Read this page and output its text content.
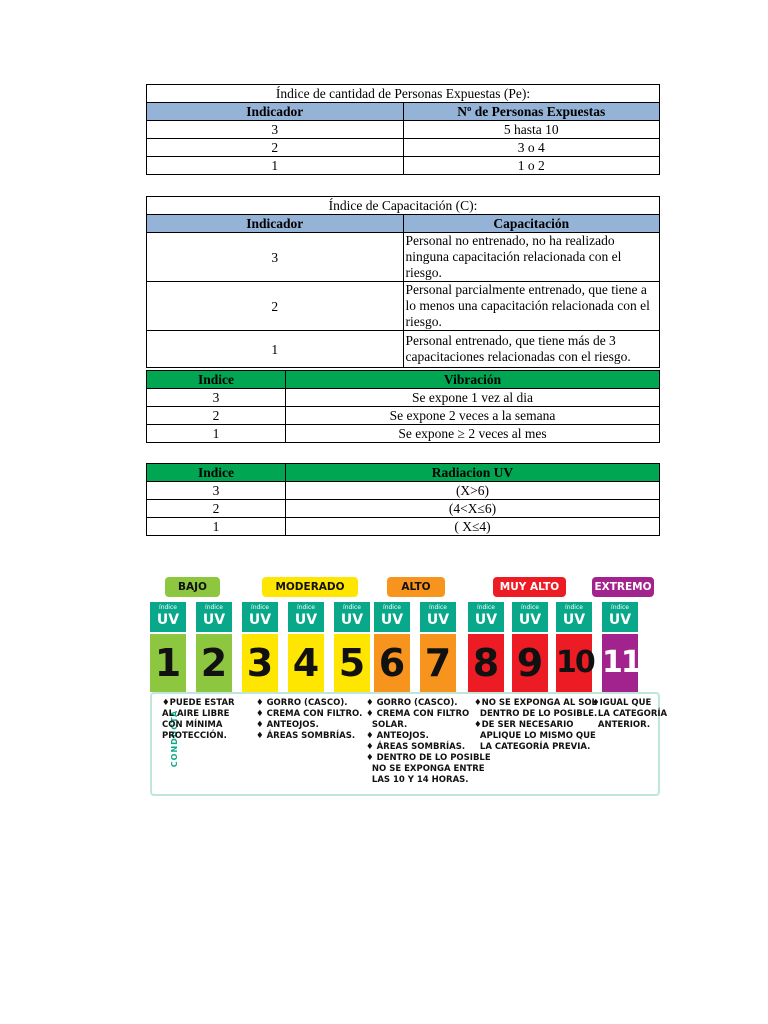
Índice de cantidad de Personas Expuestas (Pe):	
Indicador	Nº de Personas Expuestas
3	5 hasta 10
2	3 o 4
1	1 o 2
Índice de Capacitación (C):	
Indicador	Capacitación
3	Personal no entrenado, no ha realizado ninguna capacitación relacionada con el riesgo.
2	Personal parcialmente entrenado, que tiene a lo menos una capacitación relacionada con el riesgo.
1	Personal entrenado, que tiene más de 3 capacitaciones relacionadas con el riesgo.
Indice	Vibración
3	Se expone 1 vez al dia
2	Se expone 2 veces a la semana
1	Se expone ≥ 2 veces al mes
Indice	Radiacion UV
3	(X>6)
2	(4<X≤6)
1	( X≤4)
BAJO	MODERADO	ALTO	MUY ALTO	EXTREMO
índice
UV
1
índice
UV
2
índice
UV
3
índice
UV
4
índice
UV
5
índice
UV
6
índice
UV
7
índice
UV
8
índice
UV
9
índice
UV
10
índice
UV
11+
CONDUCTA
♦PUEDE ESTAR
AL AIRE LIBRE
CON MÍNIMA
PROTECCIÓN.
♦ GORRO (CASCO).
♦ CREMA CON FILTRO.
♦ ANTEOJOS.
♦ ÁREAS SOMBRÍAS.
♦ GORRO (CASCO).
♦ CREMA CON FILTRO
SOLAR.
♦ ANTEOJOS.
♦ ÁREAS SOMBRÍAS.
♦ DENTRO DE LO POSIBLE
NO SE EXPONGA ENTRE
LAS 10 Y 14 HORAS.
♦NO SE EXPONGA AL SOL
DENTRO DE LO POSIBLE.
♦DE SER NECESARIO
APLIQUE LO MISMO QUE
LA CATEGORÍA PREVIA.
♦IGUAL QUE
LA CATEGORÍA
ANTERIOR.
